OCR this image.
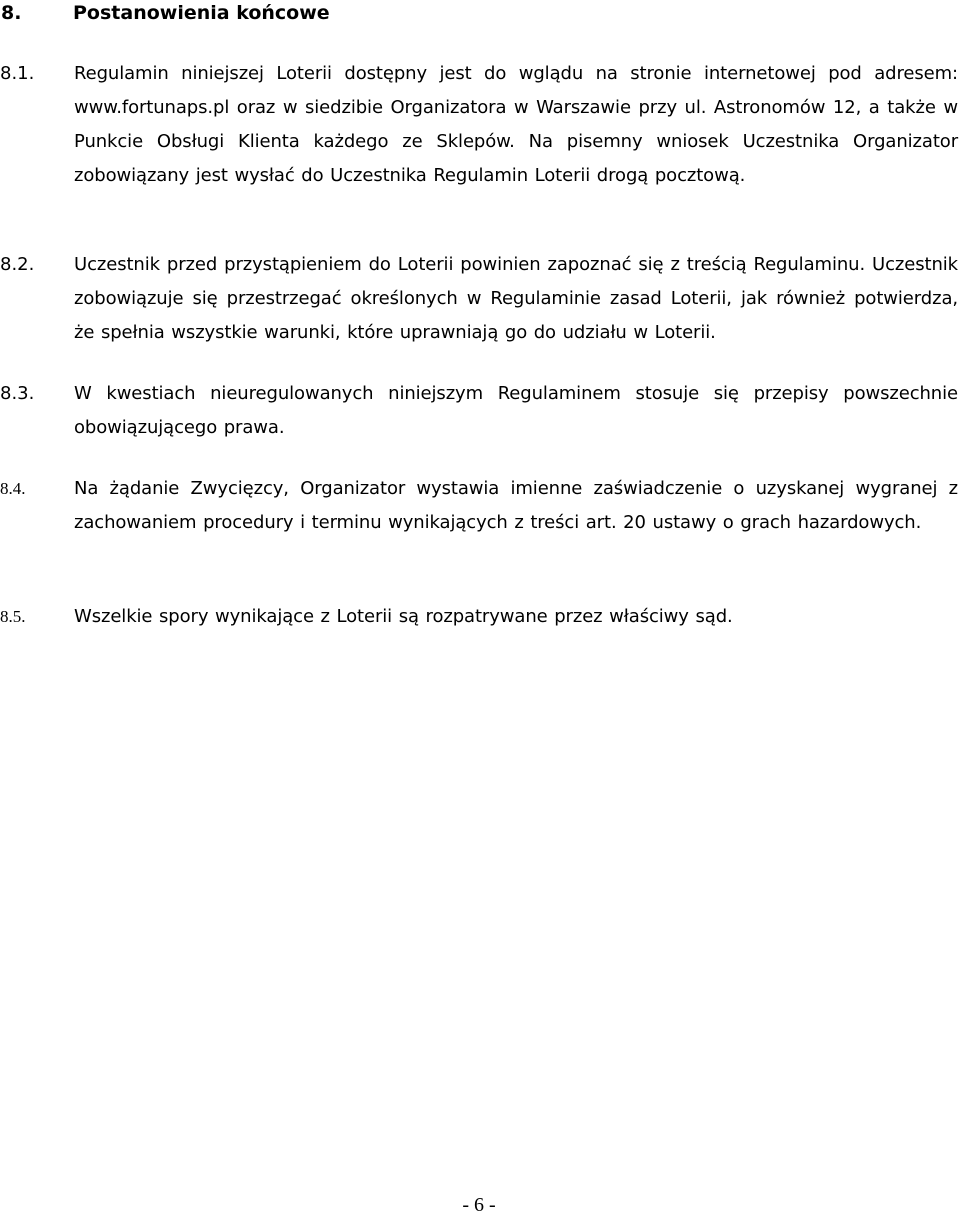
8.	Postanowienia końcowe
8.1. Regulamin niniejszej Loterii dostępny jest do wglądu na stronie internetowej pod adresem: www.fortunaps.pl oraz w siedzibie Organizatora w Warszawie przy ul. Astronomów 12, a także w Punkcie Obsługi Klienta każdego ze Sklepów. Na pisemny wniosek Uczestnika Organizator zobowiązany jest wysłać do Uczestnika Regulamin Loterii drogą pocztową.
8.2. Uczestnik przed przystąpieniem do Loterii powinien zapoznać się z treścią Regulaminu. Uczestnik zobowiązuje się przestrzegać określonych w Regulaminie zasad Loterii, jak również potwierdza, że spełnia wszystkie warunki, które uprawniają go do udziału w Loterii.
8.3. W kwestiach nieuregulowanych niniejszym Regulaminem stosuje się przepisy powszechnie obowiązującego prawa.
8.4.	Na żądanie Zwycięzcy, Organizator wystawia imienne zaświadczenie o uzyskanej wygranej z zachowaniem procedury i terminu wynikających z treści art. 20 ustawy o grach hazardowych.
8.5.	Wszelkie spory wynikające z Loterii są rozpatrywane przez właściwy sąd.
- 6 -
